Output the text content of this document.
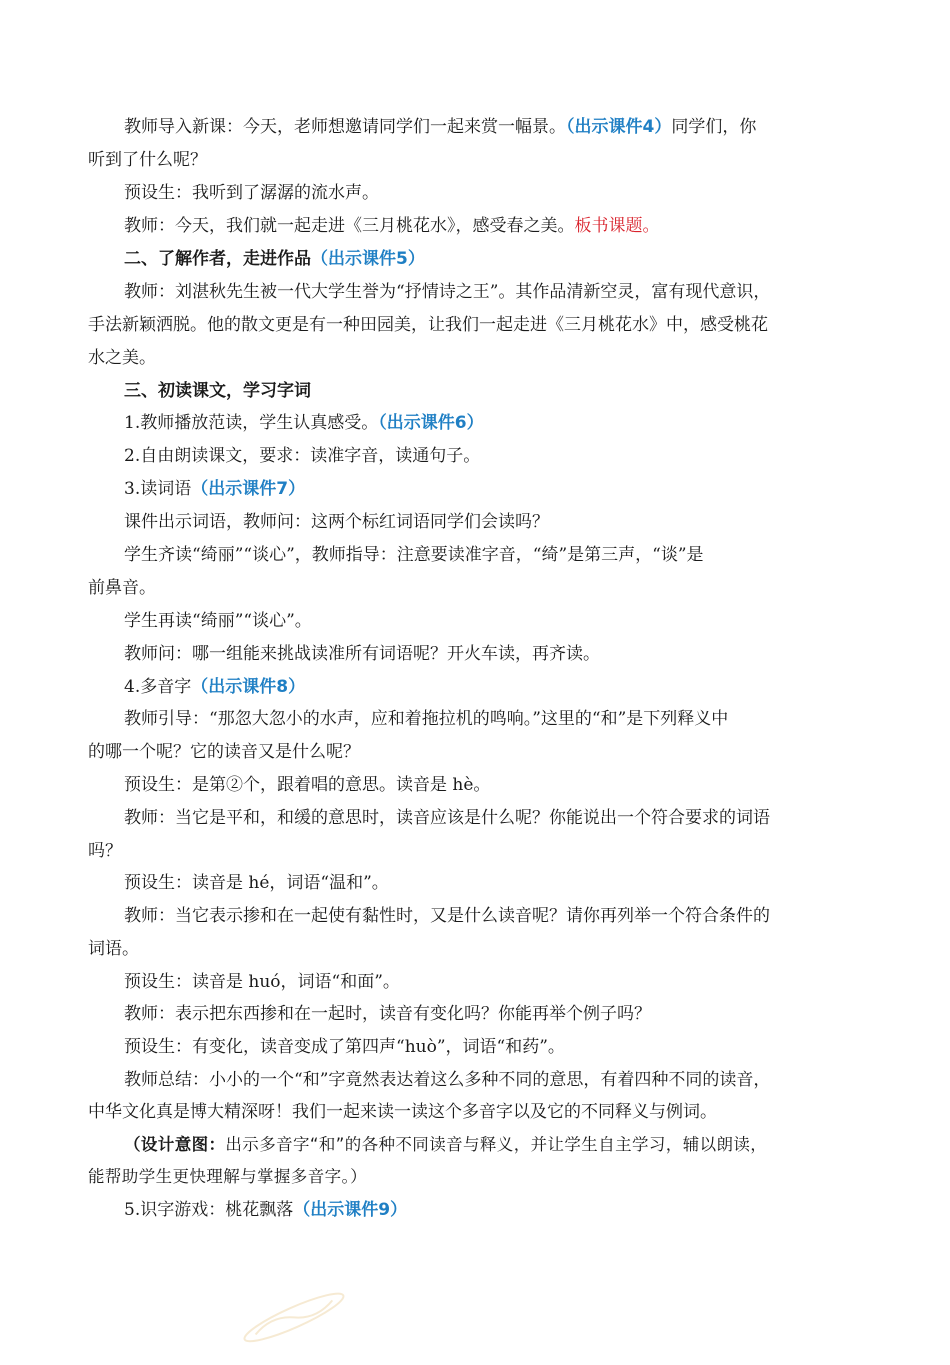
教师导入新课：今天，老师想邀请同学们一起来赏一幅景。（出示课件4）同学们，你
听到了什么呢？
预设生：我听到了潺潺的流水声。
教师：今天，我们就一起走进《三月桃花水》，感受春之美。板书课题。
二、了解作者，走进作品（出示课件5）
教师：刘湛秋先生被一代大学生誉为“抒情诗之王”。其作品清新空灵，富有现代意识，
手法新颖洒脱。他的散文更是有一种田园美，让我们一起走进《三月桃花水》中，感受桃花
水之美。
三、初读课文，学习字词
1.教师播放范读，学生认真感受。（出示课件6）
2.自由朗读课文，要求：读准字音，读通句子。
3.读词语（出示课件7）
课件出示词语，教师问：这两个标红词语同学们会读吗？
学生齐读“绮丽”“谈心”，教师指导：注意要读准字音，“绮”是第三声，“谈”是
前鼻音。
学生再读“绮丽”“谈心”。
教师问：哪一组能来挑战读准所有词语呢？开火车读，再齐读。
4.多音字（出示课件8）
教师引导：“那忽大忽小的水声，应和着拖拉机的鸣响。”这里的“和”是下列释义中
的哪一个呢？它的读音又是什么呢？
预设生：是第②个，跟着唱的意思。读音是 hè。
教师：当它是平和，和缓的意思时，读音应该是什么呢？你能说出一个符合要求的词语
吗？
预设生：读音是 hé，词语“温和”。
教师：当它表示掺和在一起使有黏性时，又是什么读音呢？请你再列举一个符合条件的
词语。
预设生：读音是 huó，词语“和面”。
教师：表示把东西掺和在一起时，读音有变化吗？你能再举个例子吗？
预设生：有变化，读音变成了第四声“huò”，词语“和药”。
教师总结：小小的一个“和”字竟然表达着这么多种不同的意思，有着四种不同的读音，
中华文化真是博大精深呀！我们一起来读一读这个多音字以及它的不同释义与例词。
（设计意图：出示多音字“和”的各种不同读音与释义，并让学生自主学习，辅以朗读，
能帮助学生更快理解与掌握多音字。）
5.识字游戏：桃花飘落（出示课件9）
